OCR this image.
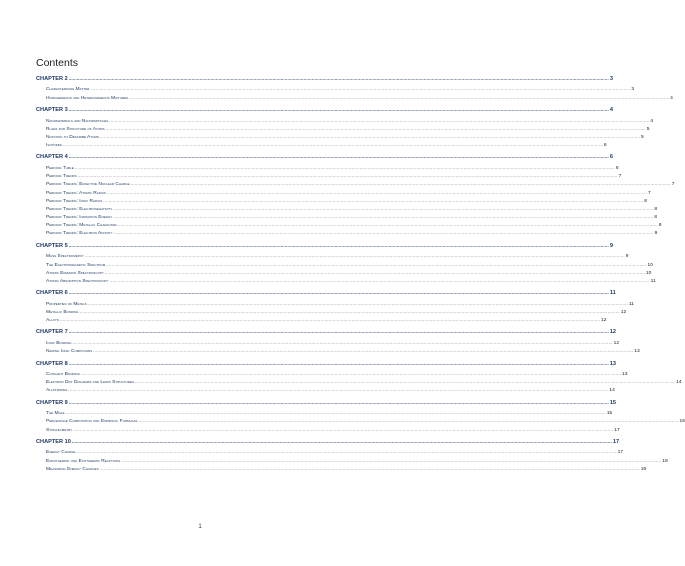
Contents
CHAPTER 2 ................................................................................................................................................................................................................................................................................................................................................................................................................ 3
Characterising Matter ................................................................................................................................................................................................................................................................................................................................................................................................................ 3
Homogeneous and Heterogeneous Mixtures ................................................................................................................................................................................................................................................................................................................................................................................................................ 4
CHAPTER 3 ................................................................................................................................................................................................................................................................................................................................................................................................................ 4
Nanomaterials and Nanoparticles ................................................................................................................................................................................................................................................................................................................................................................................................................ 4
Rules for Structure of Atoms ................................................................................................................................................................................................................................................................................................................................................................................................................ 5
Notation to Describe Atoms ................................................................................................................................................................................................................................................................................................................................................................................................................ 5
Isotopes ................................................................................................................................................................................................................................................................................................................................................................................................................ 6
CHAPTER 4 ................................................................................................................................................................................................................................................................................................................................................................................................................ 6
Periodic Table ................................................................................................................................................................................................................................................................................................................................................................................................................ 6
Periodic Trends ................................................................................................................................................................................................................................................................................................................................................................................................................ 7
Periodic Trends: Effective Nuclear Charge ................................................................................................................................................................................................................................................................................................................................................................................................................ 7
Periodic Trends: Atomic Radius ................................................................................................................................................................................................................................................................................................................................................................................................................ 7
Periodic Trends: Ionic Radius ................................................................................................................................................................................................................................................................................................................................................................................................................ 8
Periodic Trends: Electronegativity ................................................................................................................................................................................................................................................................................................................................................................................................................ 8
Periodic Trends: Ionisation Energy ................................................................................................................................................................................................................................................................................................................................................................................................................ 8
Periodic Trends: Metallic Character ................................................................................................................................................................................................................................................................................................................................................................................................................ 9
Periodic Trends: Electron Affinity ................................................................................................................................................................................................................................................................................................................................................................................................................ 9
CHAPTER 5 ................................................................................................................................................................................................................................................................................................................................................................................................................ 9
Mass Spectrometry ................................................................................................................................................................................................................................................................................................................................................................................................................ 9
The Electromagnetic Spectrum ................................................................................................................................................................................................................................................................................................................................................................................................................ 10
Atomic Emission Spectroscopy ................................................................................................................................................................................................................................................................................................................................................................................................................ 10
Atomic Absorption Spectroscopy ................................................................................................................................................................................................................................................................................................................................................................................................................ 11
CHAPTER 6 ................................................................................................................................................................................................................................................................................................................................................................................................................ 11
Properties of Metals ................................................................................................................................................................................................................................................................................................................................................................................................................ 11
Metallic Bonding ................................................................................................................................................................................................................................................................................................................................................................................................................ 12
Alloys ................................................................................................................................................................................................................................................................................................................................................................................................................ 12
CHAPTER 7 ................................................................................................................................................................................................................................................................................................................................................................................................................ 12
Ionic Bonding ................................................................................................................................................................................................................................................................................................................................................................................................................ 12
Naming Ionic Compounds ................................................................................................................................................................................................................................................................................................................................................................................................................ 13
CHAPTER 8 ................................................................................................................................................................................................................................................................................................................................................................................................................ 13
Covalent Bonding ................................................................................................................................................................................................................................................................................................................................................................................................................ 13
Electron Dot Diagrams and Lewis Structures ................................................................................................................................................................................................................................................................................................................................................................................................................ 14
Allotropes ................................................................................................................................................................................................................................................................................................................................................................................................................ 14
CHAPTER 9 ................................................................................................................................................................................................................................................................................................................................................................................................................ 15
The Mole ................................................................................................................................................................................................................................................................................................................................................................................................................ 15
Percentage Composition and Empirical Formulas ................................................................................................................................................................................................................................................................................................................................................................................................................ 16
Stoichiometry ................................................................................................................................................................................................................................................................................................................................................................................................................ 17
CHAPTER 10 ................................................................................................................................................................................................................................................................................................................................................................................................................ 17
Energy Change ................................................................................................................................................................................................................................................................................................................................................................................................................ 17
Endothermic and Exothermic Reactions ................................................................................................................................................................................................................................................................................................................................................................................................................ 18
Measuring Energy Changes ................................................................................................................................................................................................................................................................................................................................................................................................................ 19
1
